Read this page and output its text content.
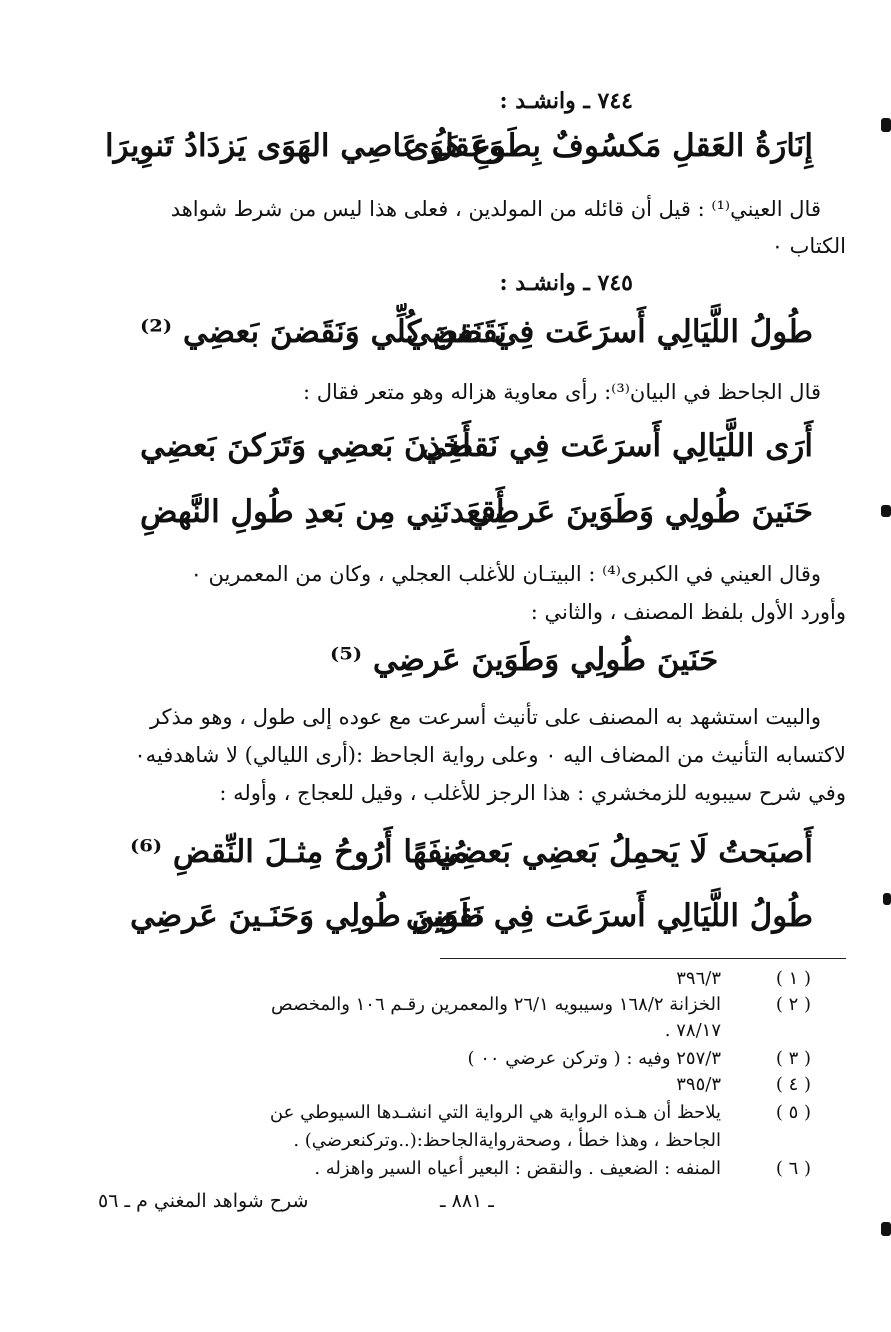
٧٤٤ ـ وانشـد :
إِنَارَةُ العَقلِ مَكسُوفٌ بِطَوعِ هَوَى
وَعَقلُ عَاصِي الهَوَى يَزدَادُ تَنوِيرَا
قال العيني⁽¹⁾ : قيل أن قائله من المولدين ، فعلى هذا ليس من شرط شواهد
الكتاب ٠
٧٤٥ ـ وانشـد :
طُولُ اللَّيَالِي أَسرَعَت فِي نَقضِي
نَقَضنَ كُلِّي وَنَقَضنَ بَعضِي ⁽²⁾
قال الجاحظ في البيان⁽³⁾: رأى معاوية هزاله وهو متعر فقال :
أَرَى اللَّيَالِي أَسرَعَت فِي نَقضِي
أَخَذنَ بَعضِي وَتَرَكنَ بَعضِي
حَنَينَ طُولِي وَطَوَينَ عَرضِي
أَقعَدنَنِي مِن بَعدِ طُولِ النَّهضِ
وقال العيني في الكبرى⁽⁴⁾ : البيتـان للأغلب العجلي ، وكان من المعمرين ٠
وأورد الأول بلفظ المصنف ، والثاني :
حَنَينَ طُولِي وَطَوَينَ عَرضِي ⁽⁵⁾
والبيت استشهد به المصنف على تأنيث أسرعت مع عوده إلى طول ، وهو مذكر
لاكتسابه التأنيث من المضاف اليه ٠ وعلى رواية الجاحظ :(أرى الليالي) لا شاهدفيه٠
وفي شرح سيبويه للزمخشري : هذا الرجز للأغلب ، وقيل للعجاج ، وأوله :
أَصبَحتُ لَا يَحمِلُ بَعضِي بَعضِي
مُنفَهًا أَرُوحُ مِثـلَ النِّقضِ ⁽⁶⁾
طُولُ اللَّيَالِي أَسرَعَت فِي نَقضِي
طَوَينَ طُولِي وَحَنَـينَ عَرضِي
( ١ )
٣٩٦/٣
( ٢ )
الخزانة ١٦٨/٢ وسيبويه ٢٦/١ والمعمرين رقـم ١٠٦ والمخصص
. ٧٨/١٧
( ٣ )
٢٥٧/٣ وفيه : ( وتركن عرضي ٠٠ )
( ٤ )
٣٩٥/٣
( ٥ )
يلاحظ أن هـذه الرواية هي الرواية التي انشـدها السيوطي عن
الجاحظ ، وهذا خطأ ، وصحةروايةالجاحظ:(..وتركنعرضي) .
( ٦ )
المنفه : الضعيف . والنقض : البعير أعياه السير واهزله .
ـ ٨٨١ ـ
شرح شواهد المغني م ـ ٥٦
